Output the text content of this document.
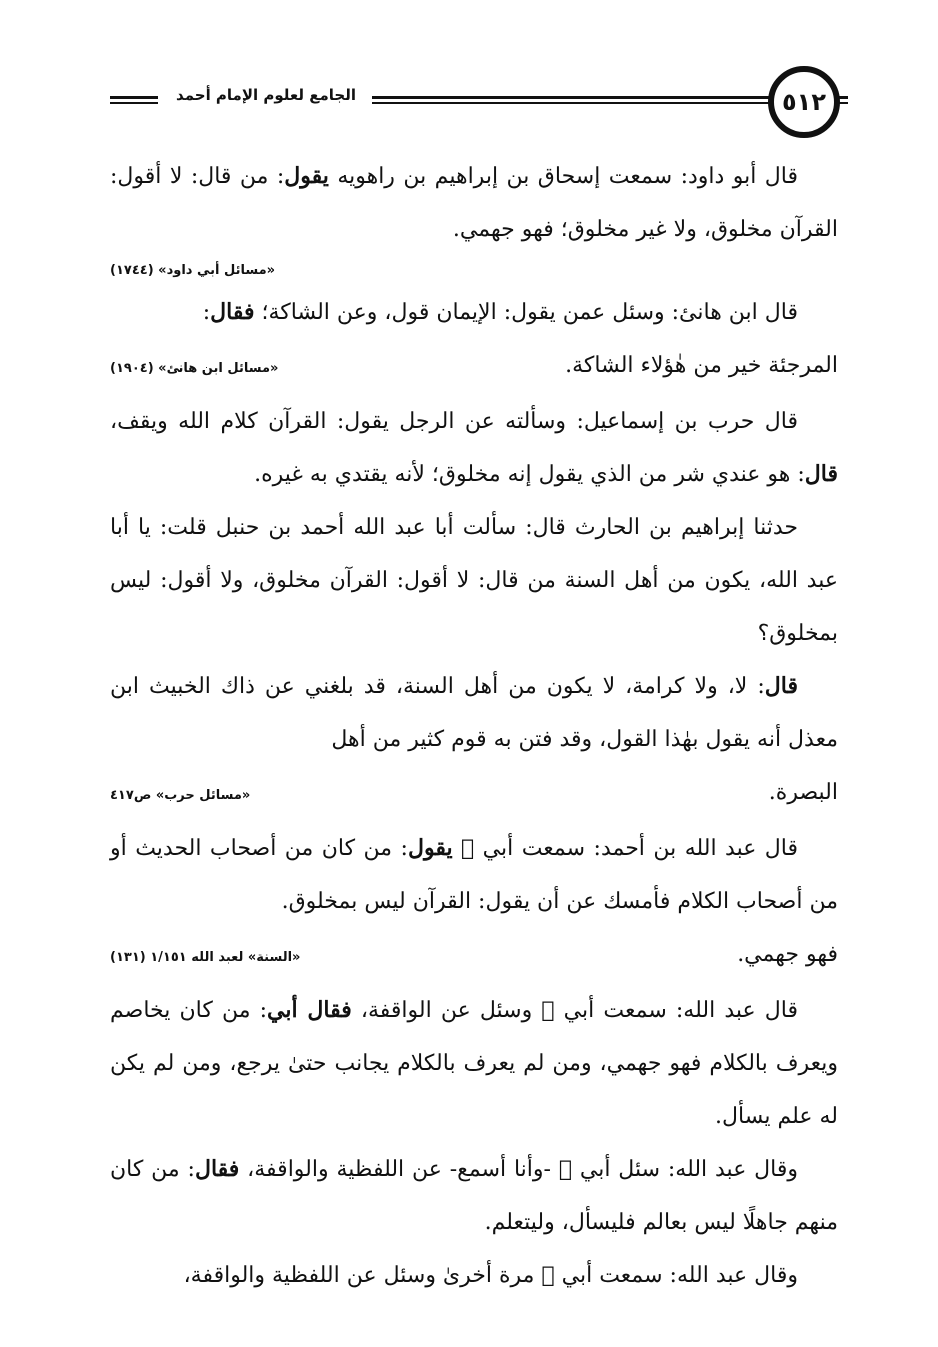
الجامع لعلوم الإمام أحمد	٥١٢

قال أبو داود: سمعت إسحاق بن إبراهيم بن راهويه يقول: من قال: لا أقول: القرآن مخلوق، ولا غير مخلوق؛ فهو جهمي.

«مسائل أبي داود» (١٧٤٤)

قال ابن هانئ: وسئل عمن يقول: الإيمان قول، وعن الشاكة؛ فقال:

المرجئة خير من هٰؤلاء الشاكة.
«مسائل ابن هانئ» (١٩٠٤)

قال حرب بن إسماعيل: وسألته عن الرجل يقول: القرآن كلام الله ويقف، قال: هو عندي شر من الذي يقول إنه مخلوق؛ لأنه يقتدي به غيره.

حدثنا إبراهيم بن الحارث قال: سألت أبا عبد الله أحمد بن حنبل قلت: يا أبا عبد الله، يكون من أهل السنة من قال: لا أقول: القرآن مخلوق، ولا أقول: ليس بمخلوق؟

قال: لا، ولا كرامة، لا يكون من أهل السنة، قد بلغني عن ذاك الخبيث ابن معذل أنه يقول بهٰذا القول، وقد فتن به قوم كثير من أهل

البصرة.
«مسائل حرب» ص٤١٧

قال عبد الله بن أحمد: سمعت أبي ﷫ يقول: من كان من أصحاب الحديث أو من أصحاب الكلام فأمسك عن أن يقول: القرآن ليس بمخلوق.

فهو جهمي.
«السنة» لعبد الله ١/١٥١ (١٣١)

قال عبد الله: سمعت أبي ﷫ وسئل عن الواقفة، فقال أبي: من كان يخاصم ويعرف بالكلام فهو جهمي، ومن لم يعرف بالكلام يجانب حتىٰ يرجع، ومن لم يكن له علم يسأل.

وقال عبد الله: سئل أبي ﷫ -وأنا أسمع- عن اللفظية والواقفة، فقال: من كان منهم جاهلًا ليس بعالم فليسأل، وليتعلم.

وقال عبد الله: سمعت أبي ﷫ مرة أخرىٰ وسئل عن اللفظية والواقفة،
